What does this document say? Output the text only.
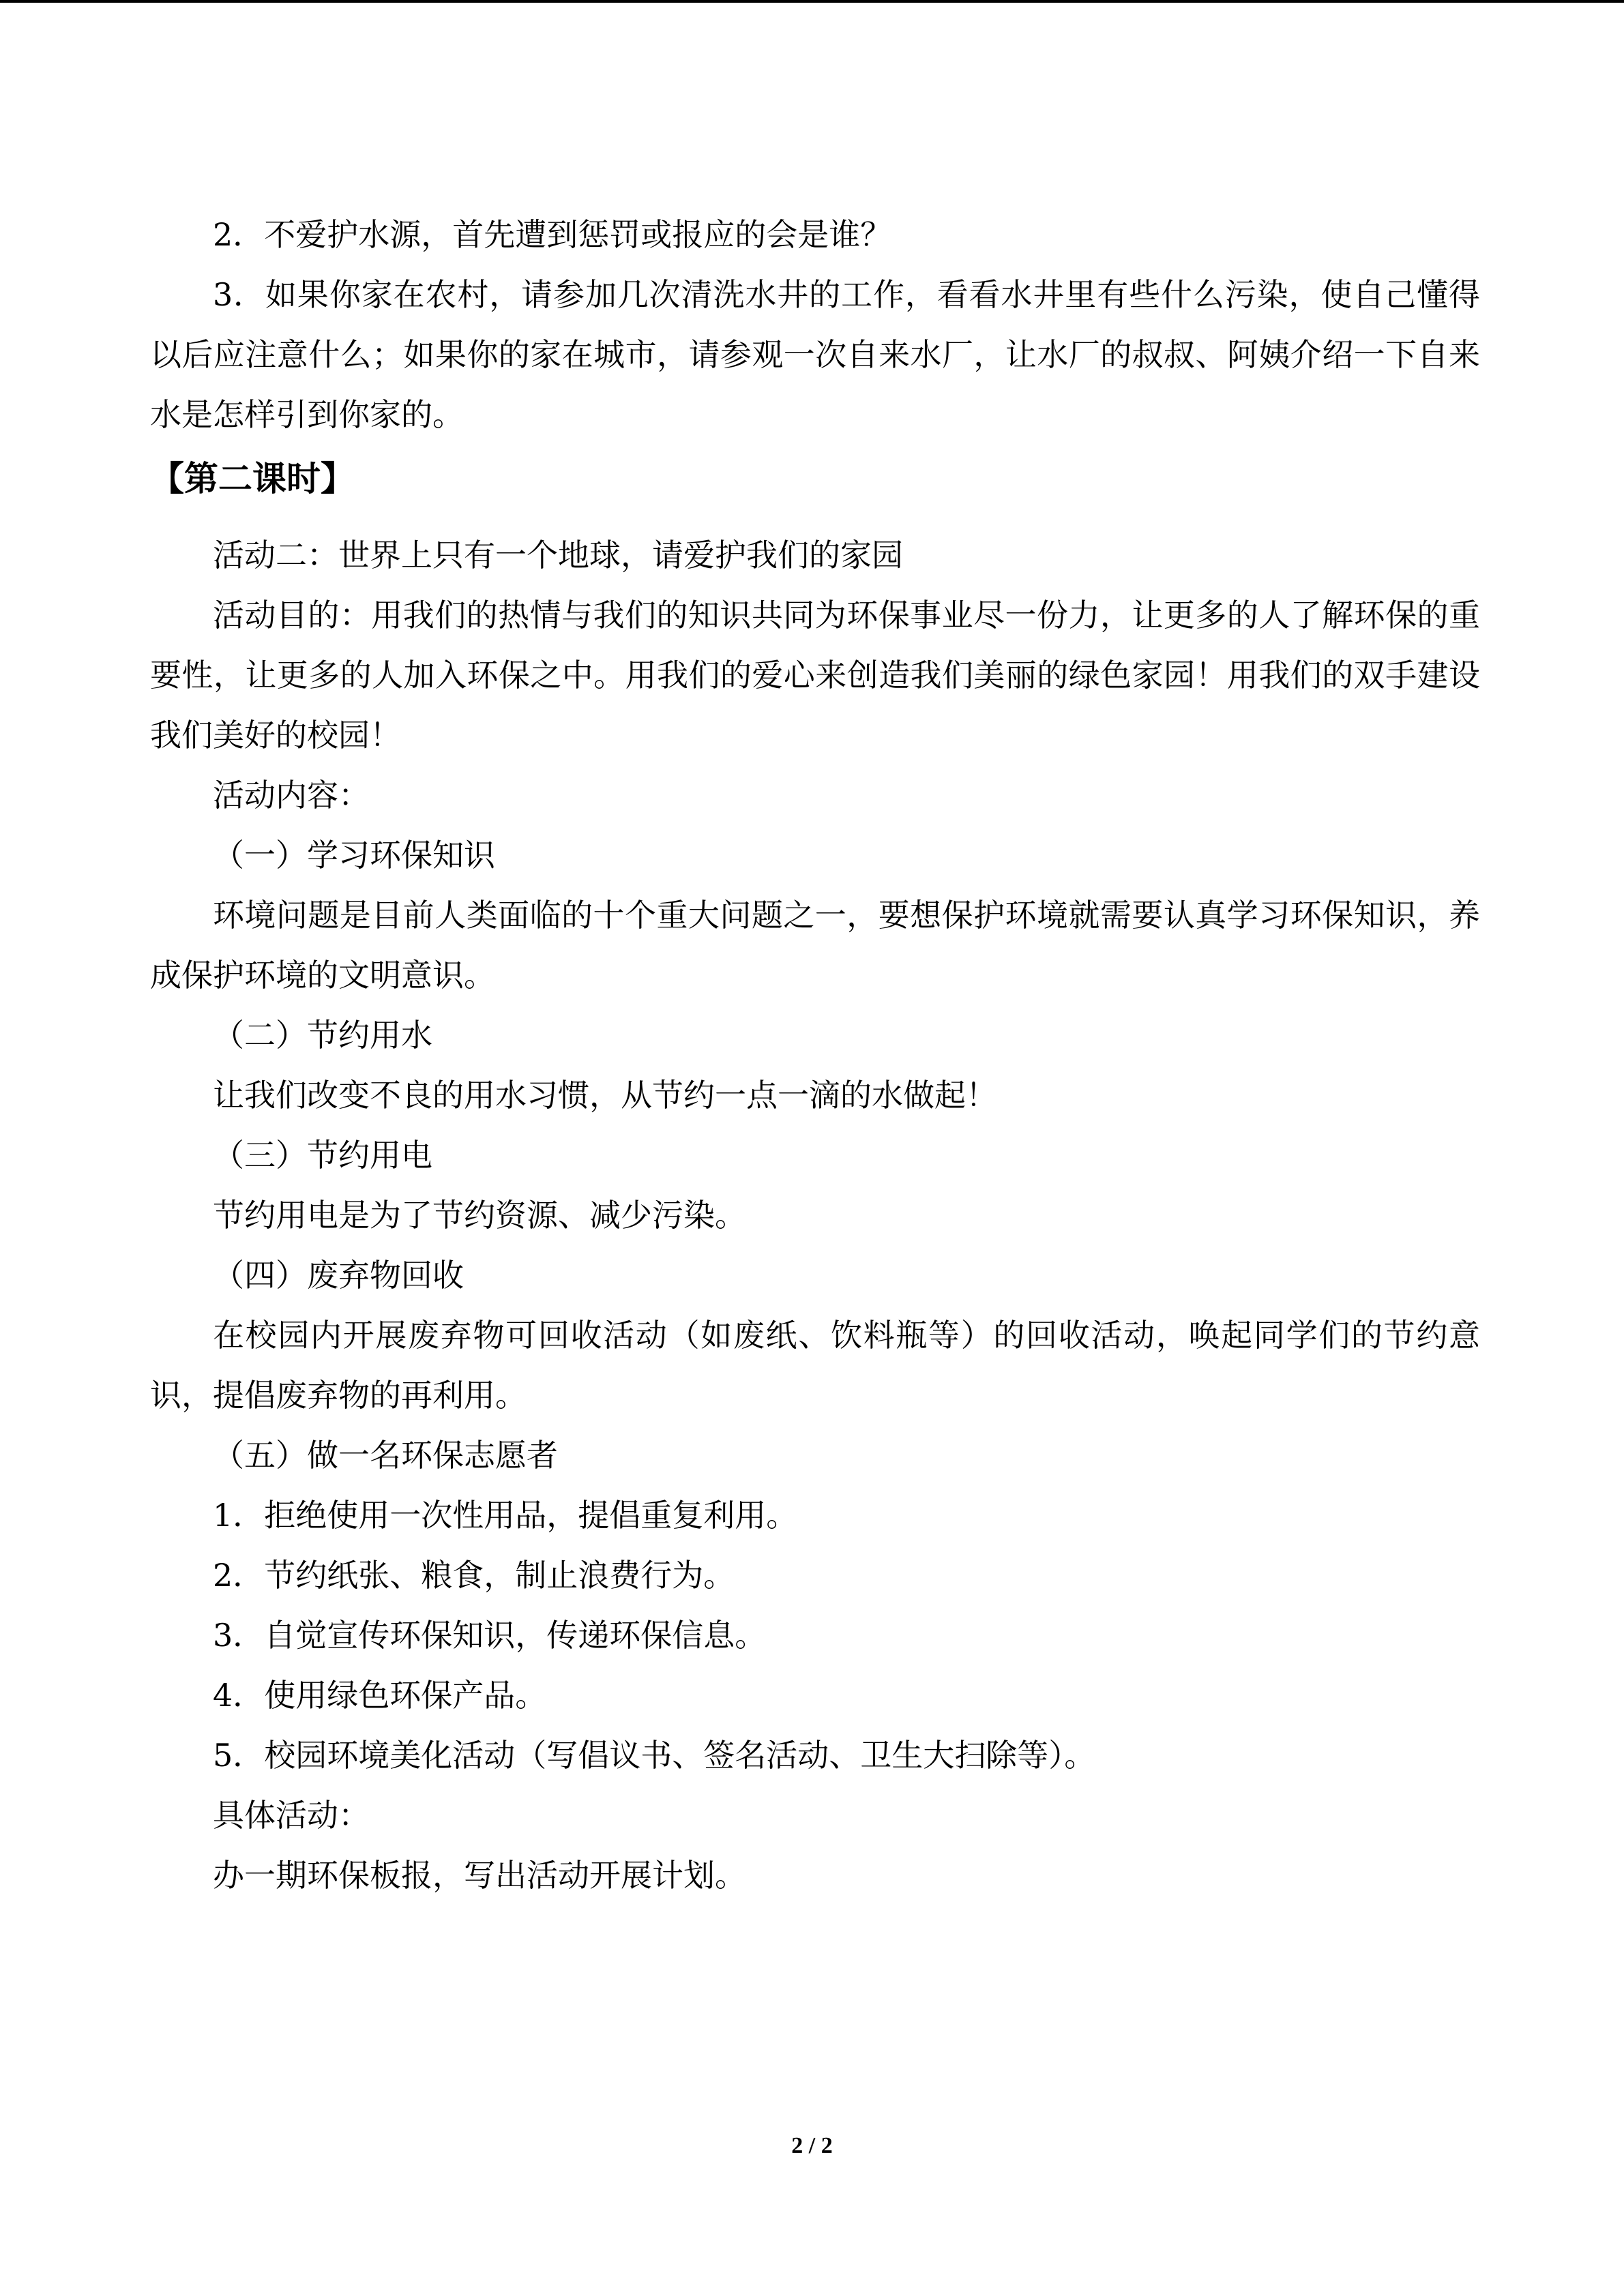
2．不爱护水源，首先遭到惩罚或报应的会是谁？

3．如果你家在农村，请参加几次清洗水井的工作，看看水井里有些什么污染，使自己懂得以后应注意什么；如果你的家在城市，请参观一次自来水厂，让水厂的叔叔、阿姨介绍一下自来水是怎样引到你家的。

【第二课时】

活动二：世界上只有一个地球，请爱护我们的家园

活动目的：用我们的热情与我们的知识共同为环保事业尽一份力，让更多的人了解环保的重要性，让更多的人加入环保之中。用我们的爱心来创造我们美丽的绿色家园！用我们的双手建设我们美好的校园！

活动内容：

（一）学习环保知识

环境问题是目前人类面临的十个重大问题之一，要想保护环境就需要认真学习环保知识，养成保护环境的文明意识。

（二）节约用水

让我们改变不良的用水习惯，从节约一点一滴的水做起！

（三）节约用电

节约用电是为了节约资源、减少污染。

（四）废弃物回收

在校园内开展废弃物可回收活动（如废纸、饮料瓶等）的回收活动，唤起同学们的节约意识，提倡废弃物的再利用。

（五）做一名环保志愿者

1．拒绝使用一次性用品，提倡重复利用。

2．节约纸张、粮食，制止浪费行为。

3．自觉宣传环保知识，传递环保信息。

4．使用绿色环保产品。

5．校园环境美化活动（写倡议书、签名活动、卫生大扫除等）。

具体活动：

办一期环保板报，写出活动开展计划。

2 / 2
